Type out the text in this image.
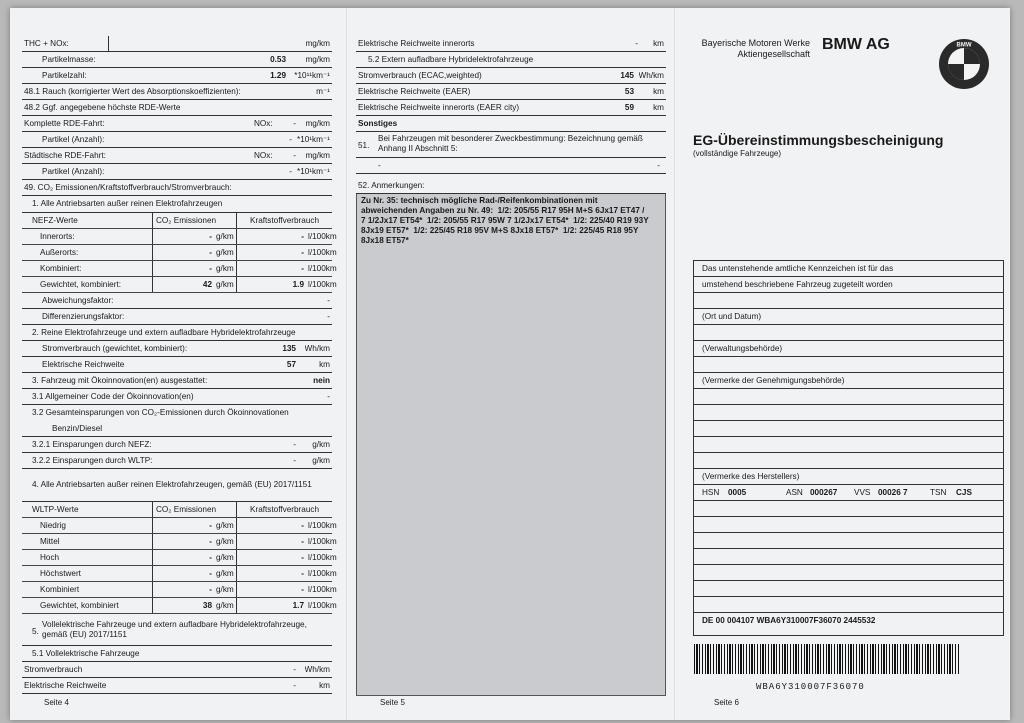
THC + NOx:	mg/km
Partikelmasse:	0.53 mg/km
Partikelzahl:	1.29 *10¹¹km⁻¹
48.1 Rauch (korrigierter Wert des Absorptionskoeffizienten):	m⁻¹
48.2 Ggf. angegebene höchste RDE-Werte
Komplette RDE-Fahrt:	NOx:	- mg/km
Partikel (Anzahl):	- *10¹km⁻¹
Städtische RDE-Fahrt:	NOx:	- mg/km
Partikel (Anzahl):	- *10¹km⁻¹
49. CO₂ Emissionen/Kraftstoffverbrauch/Stromverbrauch:
1. Alle Antriebsarten außer reinen Elektrofahrzeugen
NEFZ-Werte	CO₂ Emissionen	Kraftstoffverbrauch
Innerorts:	- g/km	- l/100km
Außerorts:	- g/km	- l/100km
Kombiniert:	- g/km	- l/100km
Gewichtet, kombiniert:	42 g/km	1.9 l/100km
Abweichungsfaktor:	-
Differenzierungsfaktor:	-
2. Reine Elektrofahrzeuge und extern aufladbare Hybridelektrofahrzeuge
Stromverbrauch (gewichtet, kombiniert):	135 Wh/km
Elektrische Reichweite	57	km
3. Fahrzeug mit Ökoinnovation(en) ausgestattet:	nein
3.1 Allgemeiner Code der Ökoinnovation(en)	-
3.2 Gesamteinsparungen von CO₂-Emissionen durch Ökoinnovationen
Benzin/Diesel
3.2.1 Einsparungen durch NEFZ:	- g/km
3.2.2 Einsparungen durch WLTP:	- g/km
4. Alle Antriebsarten außer reinen Elektrofahrzeugen, gemäß (EU) 2017/1151
WLTP-Werte	CO₂ Emissionen	Kraftstoffverbrauch
Niedrig	- g/km	- l/100km
Mittel	- g/km	- l/100km
Hoch	- g/km	- l/100km
Höchstwert	- g/km	- l/100km
Kombiniert	- g/km	- l/100km
Gewichtet, kombiniert	38 g/km	1.7 l/100km
5.
Vollelektrische Fahrzeuge und extern aufladbare Hybridelektrofahrzeuge,
gemäß (EU) 2017/1151
5.1 Vollelektrische Fahrzeuge
Stromverbrauch	- Wh/km
Elektrische Reichweite	-	km
Seite 4
Elektrische Reichweite innerorts	- km
5.2 Extern aufladbare Hybridelektrofahrzeuge
Stromverbrauch (ECAC,weighted)	145 Wh/km
Elektrische Reichweite (EAER)	53 km
Elektrische Reichweite innerorts (EAER city)	59 km
Sonstiges
51.
Bei Fahrzeugen mit besonderer Zweckbestimmung: Bezeichnung gemäß
Anhang II Abschnitt 5:
-	-
52. Anmerkungen:
Zu Nr. 35: technisch mögliche Rad-/Reifenkombinationen mit
abweichenden Angaben zu Nr. 49:  1/2: 205/55 R17 95H M+S 6Jx17 ET47 /
7 1/2Jx17 ET54*  1/2: 205/55 R17 95W 7 1/2Jx17 ET54*  1/2: 225/40 R19 93Y
8Jx19 ET57*  1/2: 225/45 R18 95V M+S 8Jx18 ET57*  1/2: 225/45 R18 95Y
8Jx18 ET57*
Seite 5
Bayerische Motoren Werke
Aktiengesellschaft
BMW AG	BMW
EG-Übereinstimmungsbescheinigung
(vollständige Fahrzeuge)
Das untenstehende amtliche Kennzeichen ist für das
umstehend beschriebene Fahrzeug zugeteilt worden
(Ort und Datum)
(Verwaltungsbehörde)
(Vermerke der Genehmigungsbehörde)
(Vermerke des Herstellers)
HSN 0005	ASN 000267 VVS 00026 7	TSN CJS
DE 00 004107 WBA6Y310007F36070 2445532
WBA6Y310007F36070
Seite 6
